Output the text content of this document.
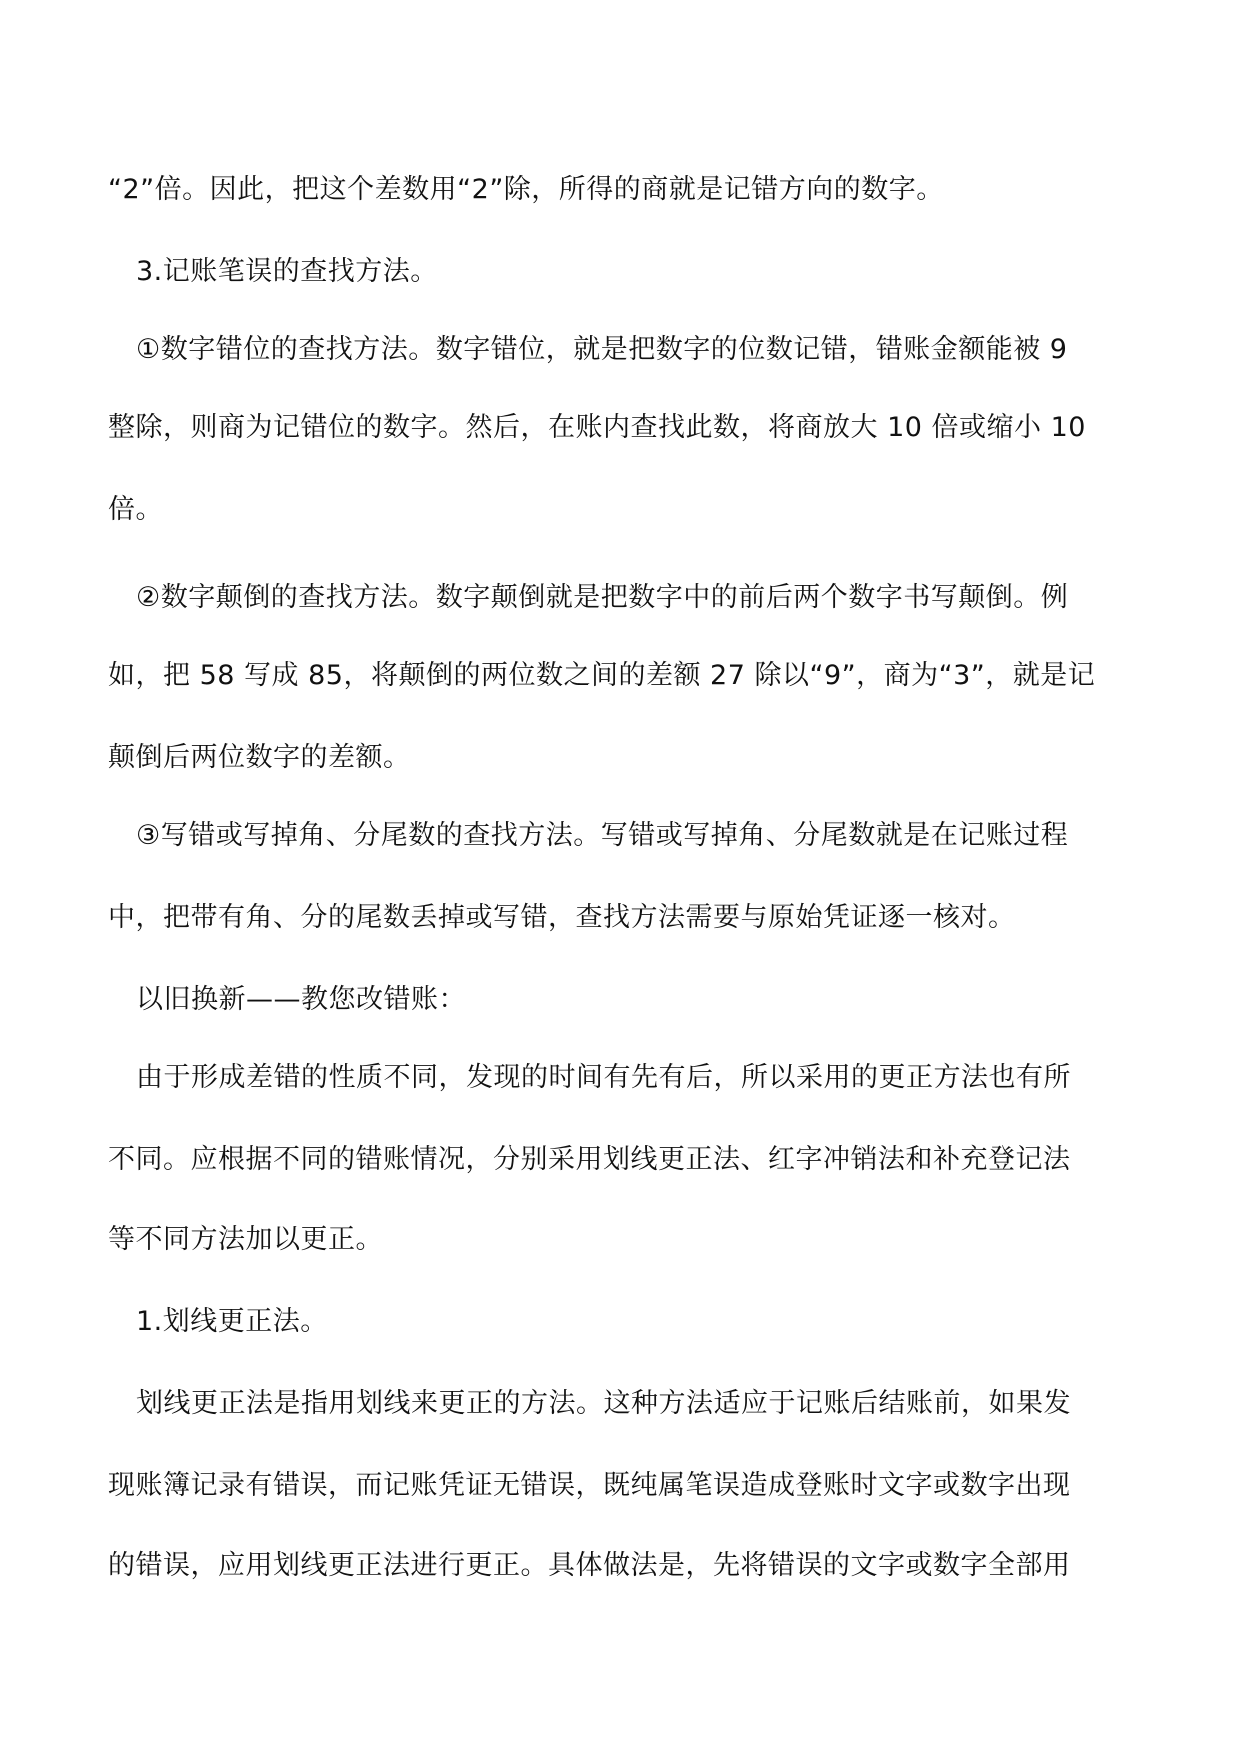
“2”倍。因此，把这个差数用“2”除，所得的商就是记错方向的数字。
3.记账笔误的查找方法。
①数字错位的查找方法。数字错位，就是把数字的位数记错，错账金额能被 9
整除，则商为记错位的数字。然后，在账内查找此数，将商放大 10 倍或缩小 10
倍。
②数字颠倒的查找方法。数字颠倒就是把数字中的前后两个数字书写颠倒。例
如，把 58 写成 85，将颠倒的两位数之间的差额 27 除以“9”，商为“3”，就是记
颠倒后两位数字的差额。
③写错或写掉角、分尾数的查找方法。写错或写掉角、分尾数就是在记账过程
中，把带有角、分的尾数丢掉或写错，查找方法需要与原始凭证逐一核对。
以旧换新——教您改错账：
由于形成差错的性质不同，发现的时间有先有后，所以采用的更正方法也有所
不同。应根据不同的错账情况，分别采用划线更正法、红字冲销法和补充登记法
等不同方法加以更正。
1.划线更正法。
划线更正法是指用划线来更正的方法。这种方法适应于记账后结账前，如果发
现账簿记录有错误，而记账凭证无错误，既纯属笔误造成登账时文字或数字出现
的错误，应用划线更正法进行更正。具体做法是，先将错误的文字或数字全部用
